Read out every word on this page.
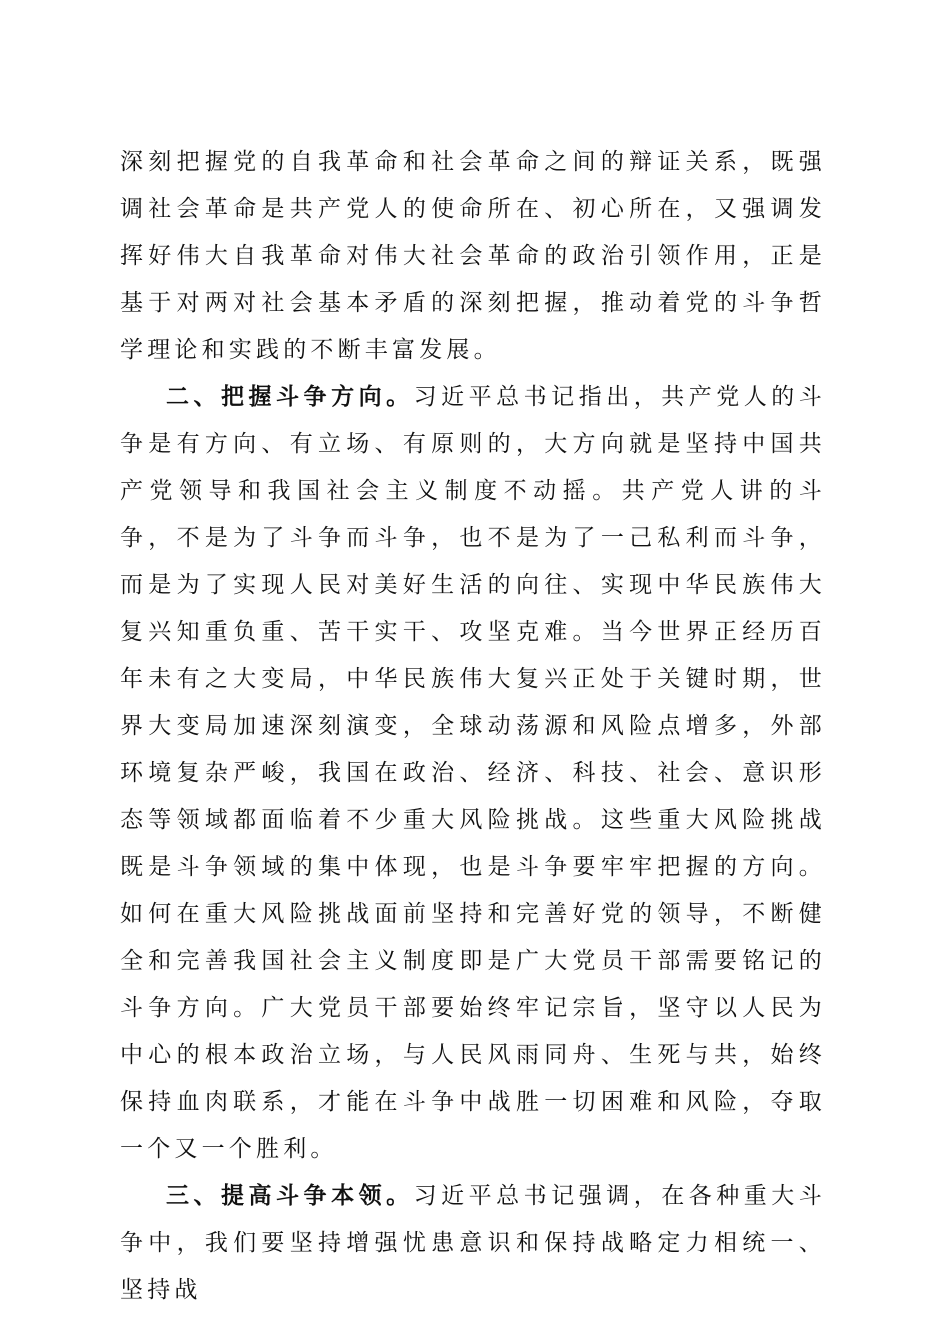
深刻把握党的自我革命和社会革命之间的辩证关系，既强调社会革命是共产党人的使命所在、初心所在，又强调发挥好伟大自我革命对伟大社会革命的政治引领作用，正是基于对两对社会基本矛盾的深刻把握，推动着党的斗争哲学理论和实践的不断丰富发展。

二、把握斗争方向。习近平总书记指出，共产党人的斗争是有方向、有立场、有原则的，大方向就是坚持中国共产党领导和我国社会主义制度不动摇。共产党人讲的斗争，不是为了斗争而斗争，也不是为了一己私利而斗争，而是为了实现人民对美好生活的向往、实现中华民族伟大复兴知重负重、苦干实干、攻坚克难。当今世界正经历百年未有之大变局，中华民族伟大复兴正处于关键时期，世界大变局加速深刻演变，全球动荡源和风险点增多，外部环境复杂严峻，我国在政治、经济、科技、社会、意识形态等领域都面临着不少重大风险挑战。这些重大风险挑战既是斗争领域的集中体现，也是斗争要牢牢把握的方向。如何在重大风险挑战面前坚持和完善好党的领导，不断健全和完善我国社会主义制度即是广大党员干部需要铭记的斗争方向。广大党员干部要始终牢记宗旨，坚守以人民为中心的根本政治立场，与人民风雨同舟、生死与共，始终保持血肉联系，才能在斗争中战胜一切困难和风险，夺取一个又一个胜利。

三、提高斗争本领。习近平总书记强调，在各种重大斗争中，我们要坚持增强忧患意识和保持战略定力相统一、坚持战
